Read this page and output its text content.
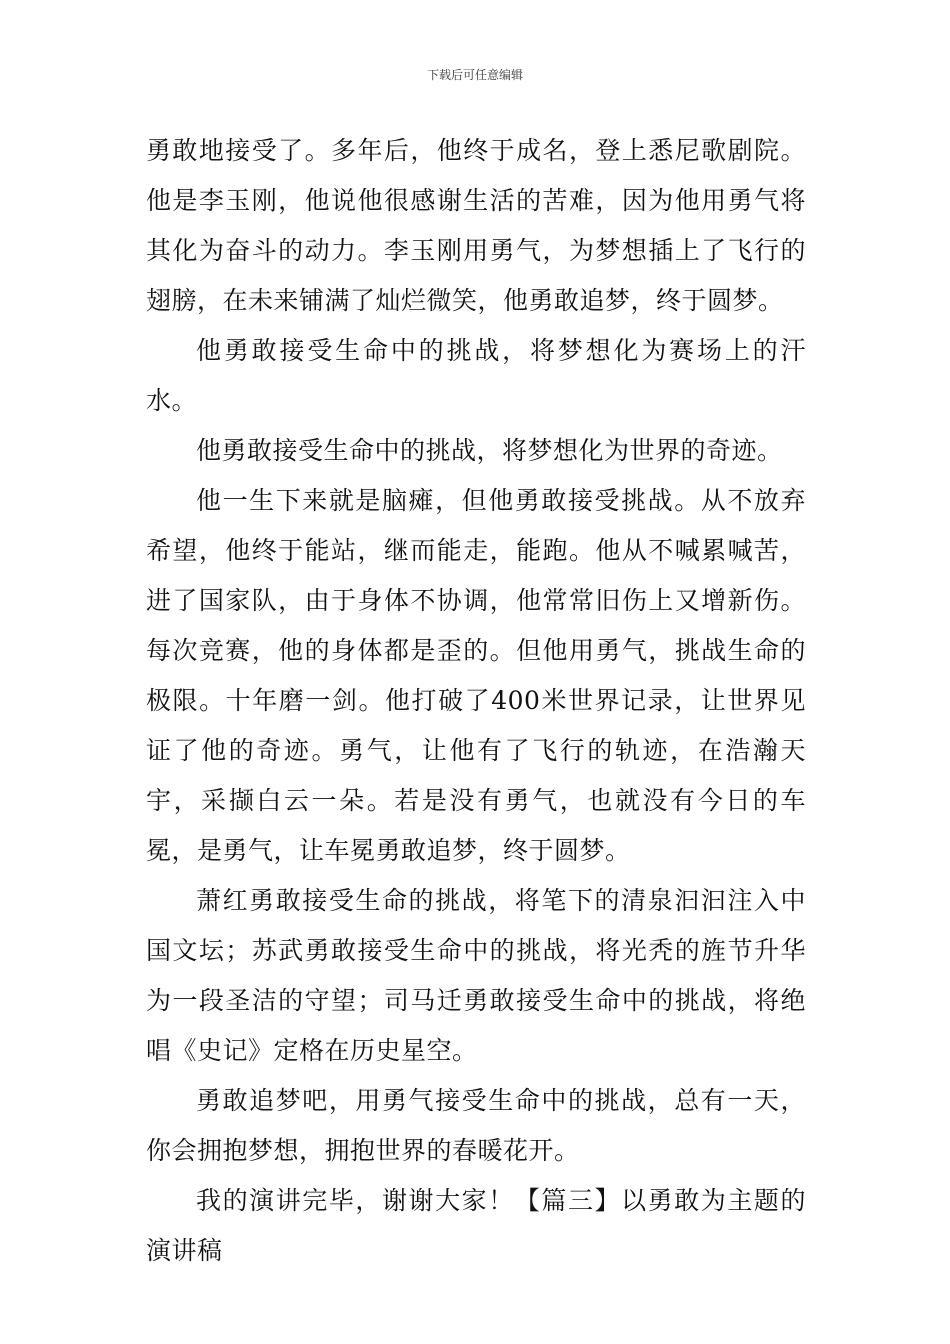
下载后可任意编辑

勇敢地接受了。多年后，他终于成名，登上悉尼歌剧院。他是李玉刚，他说他很感谢生活的苦难，因为他用勇气将其化为奋斗的动力。李玉刚用勇气，为梦想插上了飞行的翅膀，在未来铺满了灿烂微笑，他勇敢追梦，终于圆梦。

他勇敢接受生命中的挑战，将梦想化为赛场上的汗水。

他勇敢接受生命中的挑战，将梦想化为世界的奇迹。

他一生下来就是脑瘫，但他勇敢接受挑战。从不放弃希望，他终于能站，继而能走，能跑。他从不喊累喊苦，进了国家队，由于身体不协调，他常常旧伤上又增新伤。每次竞赛，他的身体都是歪的。但他用勇气，挑战生命的极限。十年磨一剑。他打破了400米世界记录，让世界见证了他的奇迹。勇气，让他有了飞行的轨迹，在浩瀚天宇，采撷白云一朵。若是没有勇气，也就没有今日的车冕，是勇气，让车冕勇敢追梦，终于圆梦。

萧红勇敢接受生命的挑战，将笔下的清泉汩汩注入中国文坛；苏武勇敢接受生命中的挑战，将光秃的旌节升华为一段圣洁的守望；司马迁勇敢接受生命中的挑战，将绝唱《史记》定格在历史星空。

勇敢追梦吧，用勇气接受生命中的挑战，总有一天，你会拥抱梦想，拥抱世界的春暖花开。

我的演讲完毕，谢谢大家！【篇三】以勇敢为主题的演讲稿
